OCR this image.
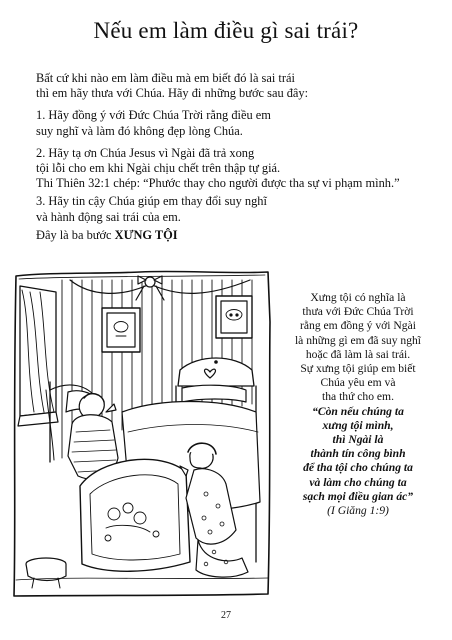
Nếu em làm điều gì sai trái?

Bất cứ khi nào em làm điều mà em biết đó là sai trái

thì em hãy thưa với Chúa. Hãy đi những bước sau đây:

1. Hãy đồng ý với Đức Chúa Trời rằng điều em

suy nghĩ và làm đó không đẹp lòng Chúa.

2. Hãy tạ ơn Chúa Jesus vì Ngài đã trả xong

tội lỗi cho em khi Ngài chịu chết trên thập tự giá.

Thi Thiên 32:1 chép: “Phước thay cho người được tha sự vi phạm mình.”

3. Hãy tin cậy Chúa giúp em thay đổi suy nghĩ

và hành động sai trái của em.

Đây là ba bước XƯNG TỘI

Xưng tội có nghĩa là

thưa với Đức Chúa Trời

rằng em đồng ý với Ngài

là những gì em đã suy nghĩ

hoặc đã làm là sai trái.

Sự xưng tội giúp em biết

Chúa yêu em và

tha thứ cho em.

“Còn nếu chúng ta

xưng tội mình,

thì Ngài là

thành tín công bình

để tha tội cho chúng ta

và làm cho chúng ta

sạch mọi điều gian ác”

(I Giăng 1:9)

27
